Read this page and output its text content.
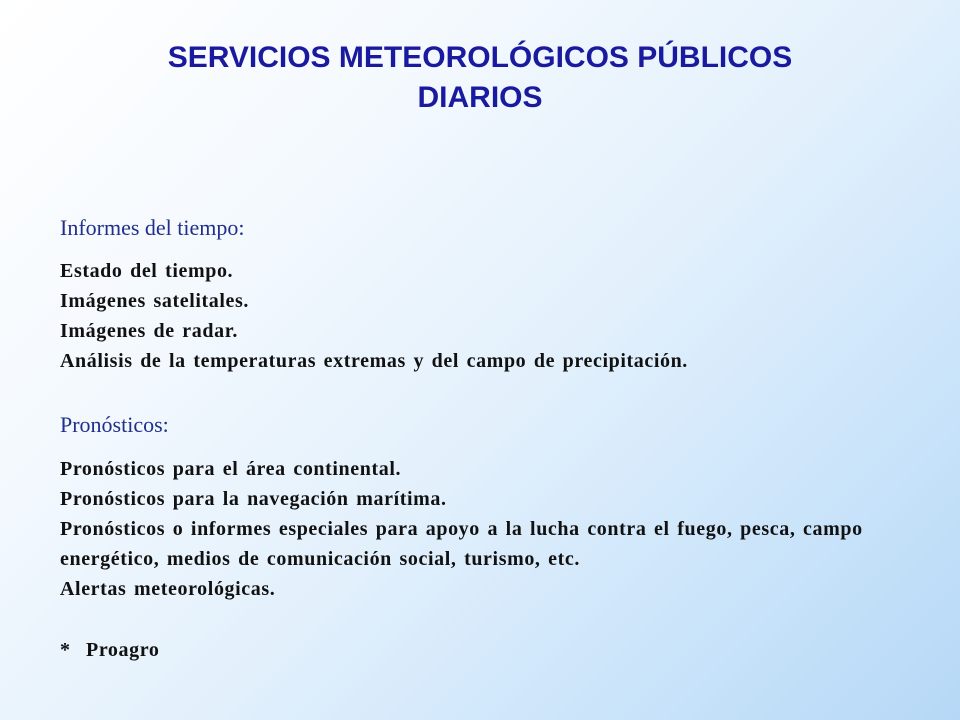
SERVICIOS METEOROLÓGICOS PÚBLICOS
DIARIOS
Informes del tiempo:
Estado del tiempo.
Imágenes satelitales.
Imágenes de radar.
Análisis de la temperaturas extremas y del campo de precipitación.
Pronósticos:
Pronósticos para el área continental.
Pronósticos para la navegación marítima.
Pronósticos o informes especiales para apoyo a la lucha contra el fuego, pesca, campo energético, medios de comunicación social, turismo, etc.
Alertas meteorológicas.
* Proagro
